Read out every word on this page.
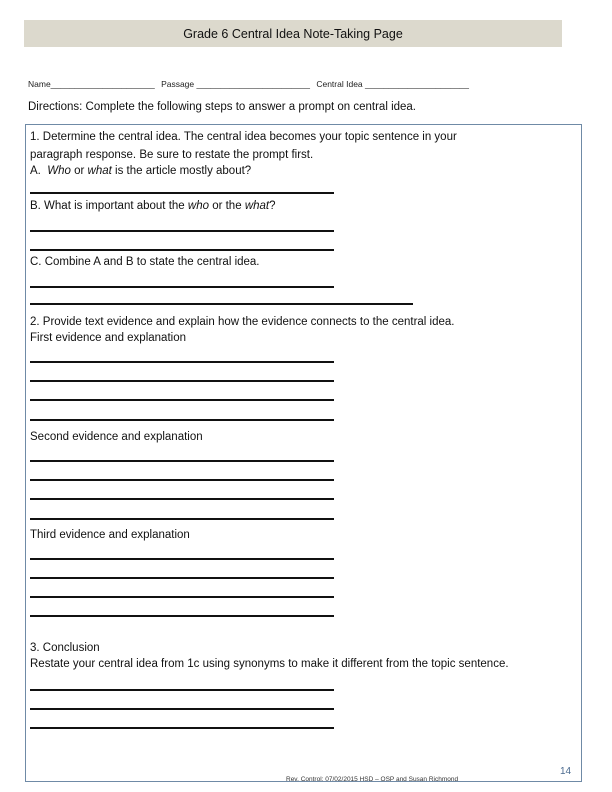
Grade 6 Central Idea Note-Taking Page
Name______________________ Passage ________________________ Central Idea ______________________
Directions: Complete the following steps to answer a prompt on central idea.
1. Determine the central idea. The central idea becomes your topic sentence in your
paragraph response. Be sure to restate the prompt first.
A.  Who or what is the article mostly about?
B. What is important about the who or the what?
C. Combine A and B to state the central idea.
2. Provide text evidence and explain how the evidence connects to the central idea.
First evidence and explanation
Second evidence and explanation
Third evidence and explanation
3. Conclusion
Restate your central idea from 1c using synonyms to make it different from the topic sentence.
Rev. Control: 07/02/2015 HSD – OSP and Susan Richmond
14
